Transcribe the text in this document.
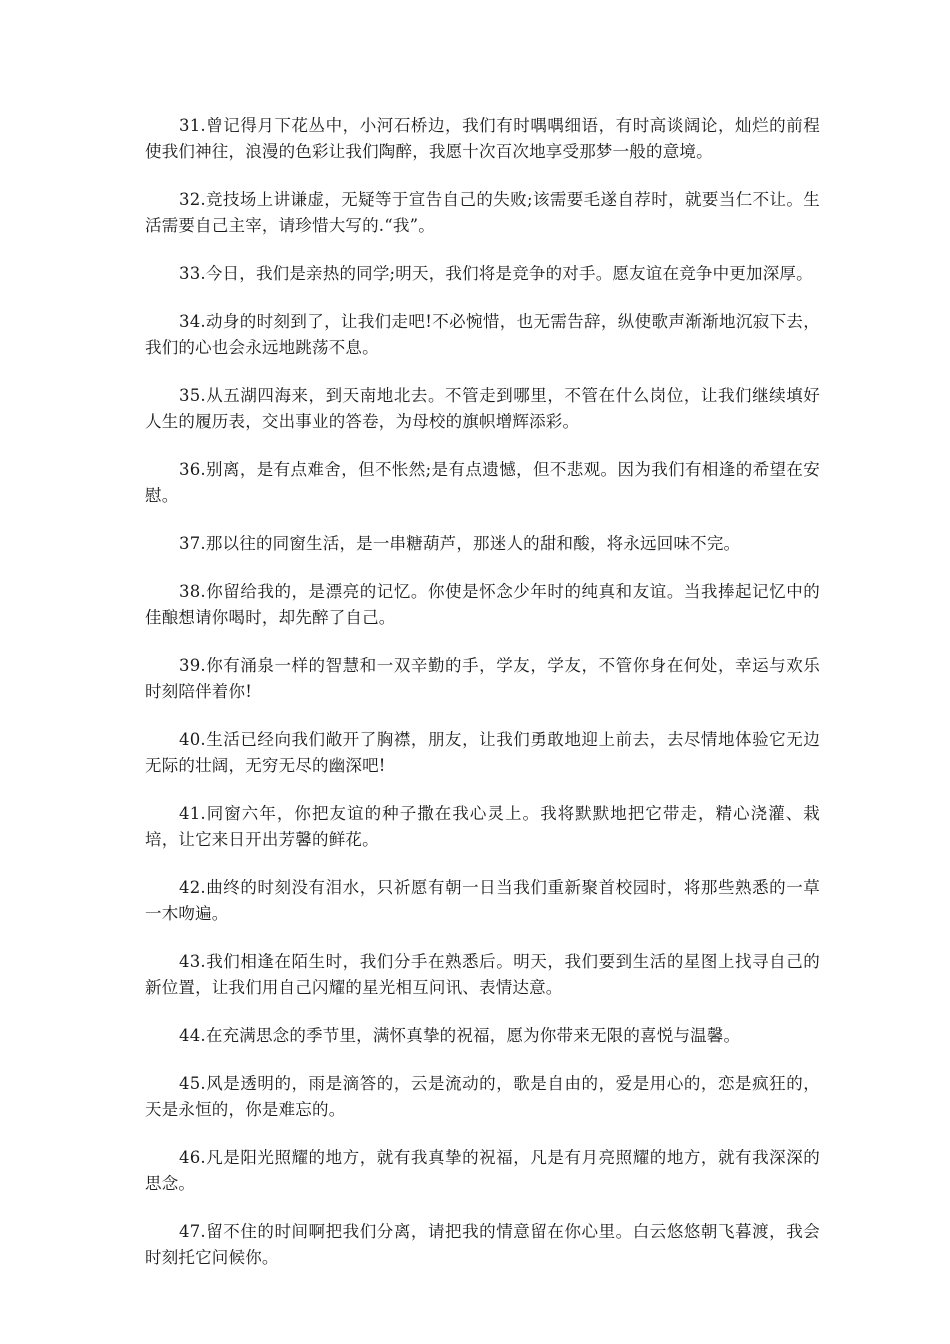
31.曾记得月下花丛中，小河石桥边，我们有时喁喁细语，有时高谈阔论，灿烂的前程使我们神往，浪漫的色彩让我们陶醉，我愿十次百次地享受那梦一般的意境。

32.竞技场上讲谦虚，无疑等于宣告自己的失败;该需要毛遂自荐时，就要当仁不让。生活需要自己主宰，请珍惜大写的.“我”。

33.今日，我们是亲热的同学;明天，我们将是竞争的对手。愿友谊在竞争中更加深厚。

34.动身的时刻到了，让我们走吧!不必惋惜，也无需告辞，纵使歌声渐渐地沉寂下去，我们的心也会永远地跳荡不息。

35.从五湖四海来，到天南地北去。不管走到哪里，不管在什么岗位，让我们继续填好人生的履历表，交出事业的答卷，为母校的旗帜增辉添彩。

36.别离，是有点难舍，但不怅然;是有点遗憾，但不悲观。因为我们有相逢的希望在安慰。

37.那以往的同窗生活，是一串糖葫芦，那迷人的甜和酸，将永远回味不完。

38.你留给我的，是漂亮的记忆。你使是怀念少年时的纯真和友谊。当我捧起记忆中的佳酿想请你喝时，却先醉了自己。

39.你有涌泉一样的智慧和一双辛勤的手，学友，学友，不管你身在何处，幸运与欢乐时刻陪伴着你!

40.生活已经向我们敞开了胸襟，朋友，让我们勇敢地迎上前去，去尽情地体验它无边无际的壮阔，无穷无尽的幽深吧!

41.同窗六年，你把友谊的种子撒在我心灵上。我将默默地把它带走，精心浇灌、栽培，让它来日开出芳馨的鲜花。

42.曲终的时刻没有泪水，只祈愿有朝一日当我们重新聚首校园时，将那些熟悉的一草一木吻遍。

43.我们相逢在陌生时，我们分手在熟悉后。明天，我们要到生活的星图上找寻自己的新位置，让我们用自己闪耀的星光相互问讯、表情达意。

44.在充满思念的季节里，满怀真挚的祝福，愿为你带来无限的喜悦与温馨。

45.风是透明的，雨是滴答的，云是流动的，歌是自由的，爱是用心的，恋是疯狂的，天是永恒的，你是难忘的。

46.凡是阳光照耀的地方，就有我真挚的祝福，凡是有月亮照耀的地方，就有我深深的思念。

47.留不住的时间啊把我们分离，请把我的情意留在你心里。白云悠悠朝飞暮渡，我会时刻托它问候你。
